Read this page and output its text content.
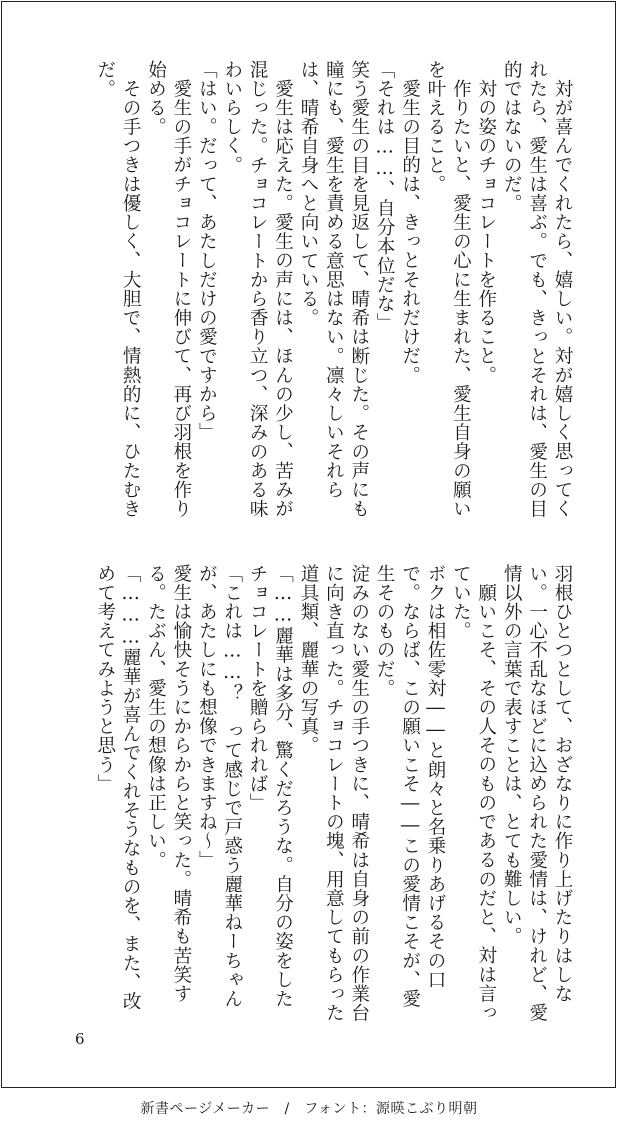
対が喜んでくれたら、嬉しい。対が嬉しく思ってくれたら、愛生は喜ぶ。でも、きっとそれは、愛生の目的ではないのだ。

対の姿のチョコレートを作ること。

作りたいと、愛生の心に生まれた、愛生自身の願いを叶えること。

愛生の目的は、きっとそれだけだ。

「それは……、自分本位だな」

笑う愛生の目を見返して、晴希は断じた。その声にも瞳にも、愛生を責める意思はない。凛々しいそれらは、晴希自身へと向いている。

愛生は応えた。愛生の声には、ほんの少し、苦みが混じった。チョコレートから香り立つ、深みのある味わいらしく。

「はい。だって、あたしだけの愛ですから」

愛生の手がチョコレートに伸びて、再び羽根を作り始める。

その手つきは優しく、大胆で、情熱的に、ひたむきだ。

羽根ひとつとして、おざなりに作り上げたりはしない。一心不乱なほどに込められた愛情は、けれど、愛情以外の言葉で表すことは、とても難しい。

願いこそ、その人そのものであるのだと、対は言っていた。

ボクは相佐零対――と朗々と名乗りあげるその口で。ならば、この願いこそ――この愛情こそが、愛生そのものだ。

淀みのない愛生の手つきに、晴希は自身の前の作業台に向き直った。チョコレートの塊、用意してもらった道具類、麗華の写真。

「……麗華は多分、驚くだろうな。自分の姿をしたチョコレートを贈られれば」

「これは……？　って感じで戸惑う麗華ねーちゃんが、あたしにも想像できますね〜」

愛生は愉快そうにからからと笑った。晴希も苦笑する。たぶん、愛生の想像は正しい。

「………麗華が喜んでくれそうなものを、また、改めて考えてみようと思う」

6
新書ページメーカー　/　フォント：源暎こぶり明朝
